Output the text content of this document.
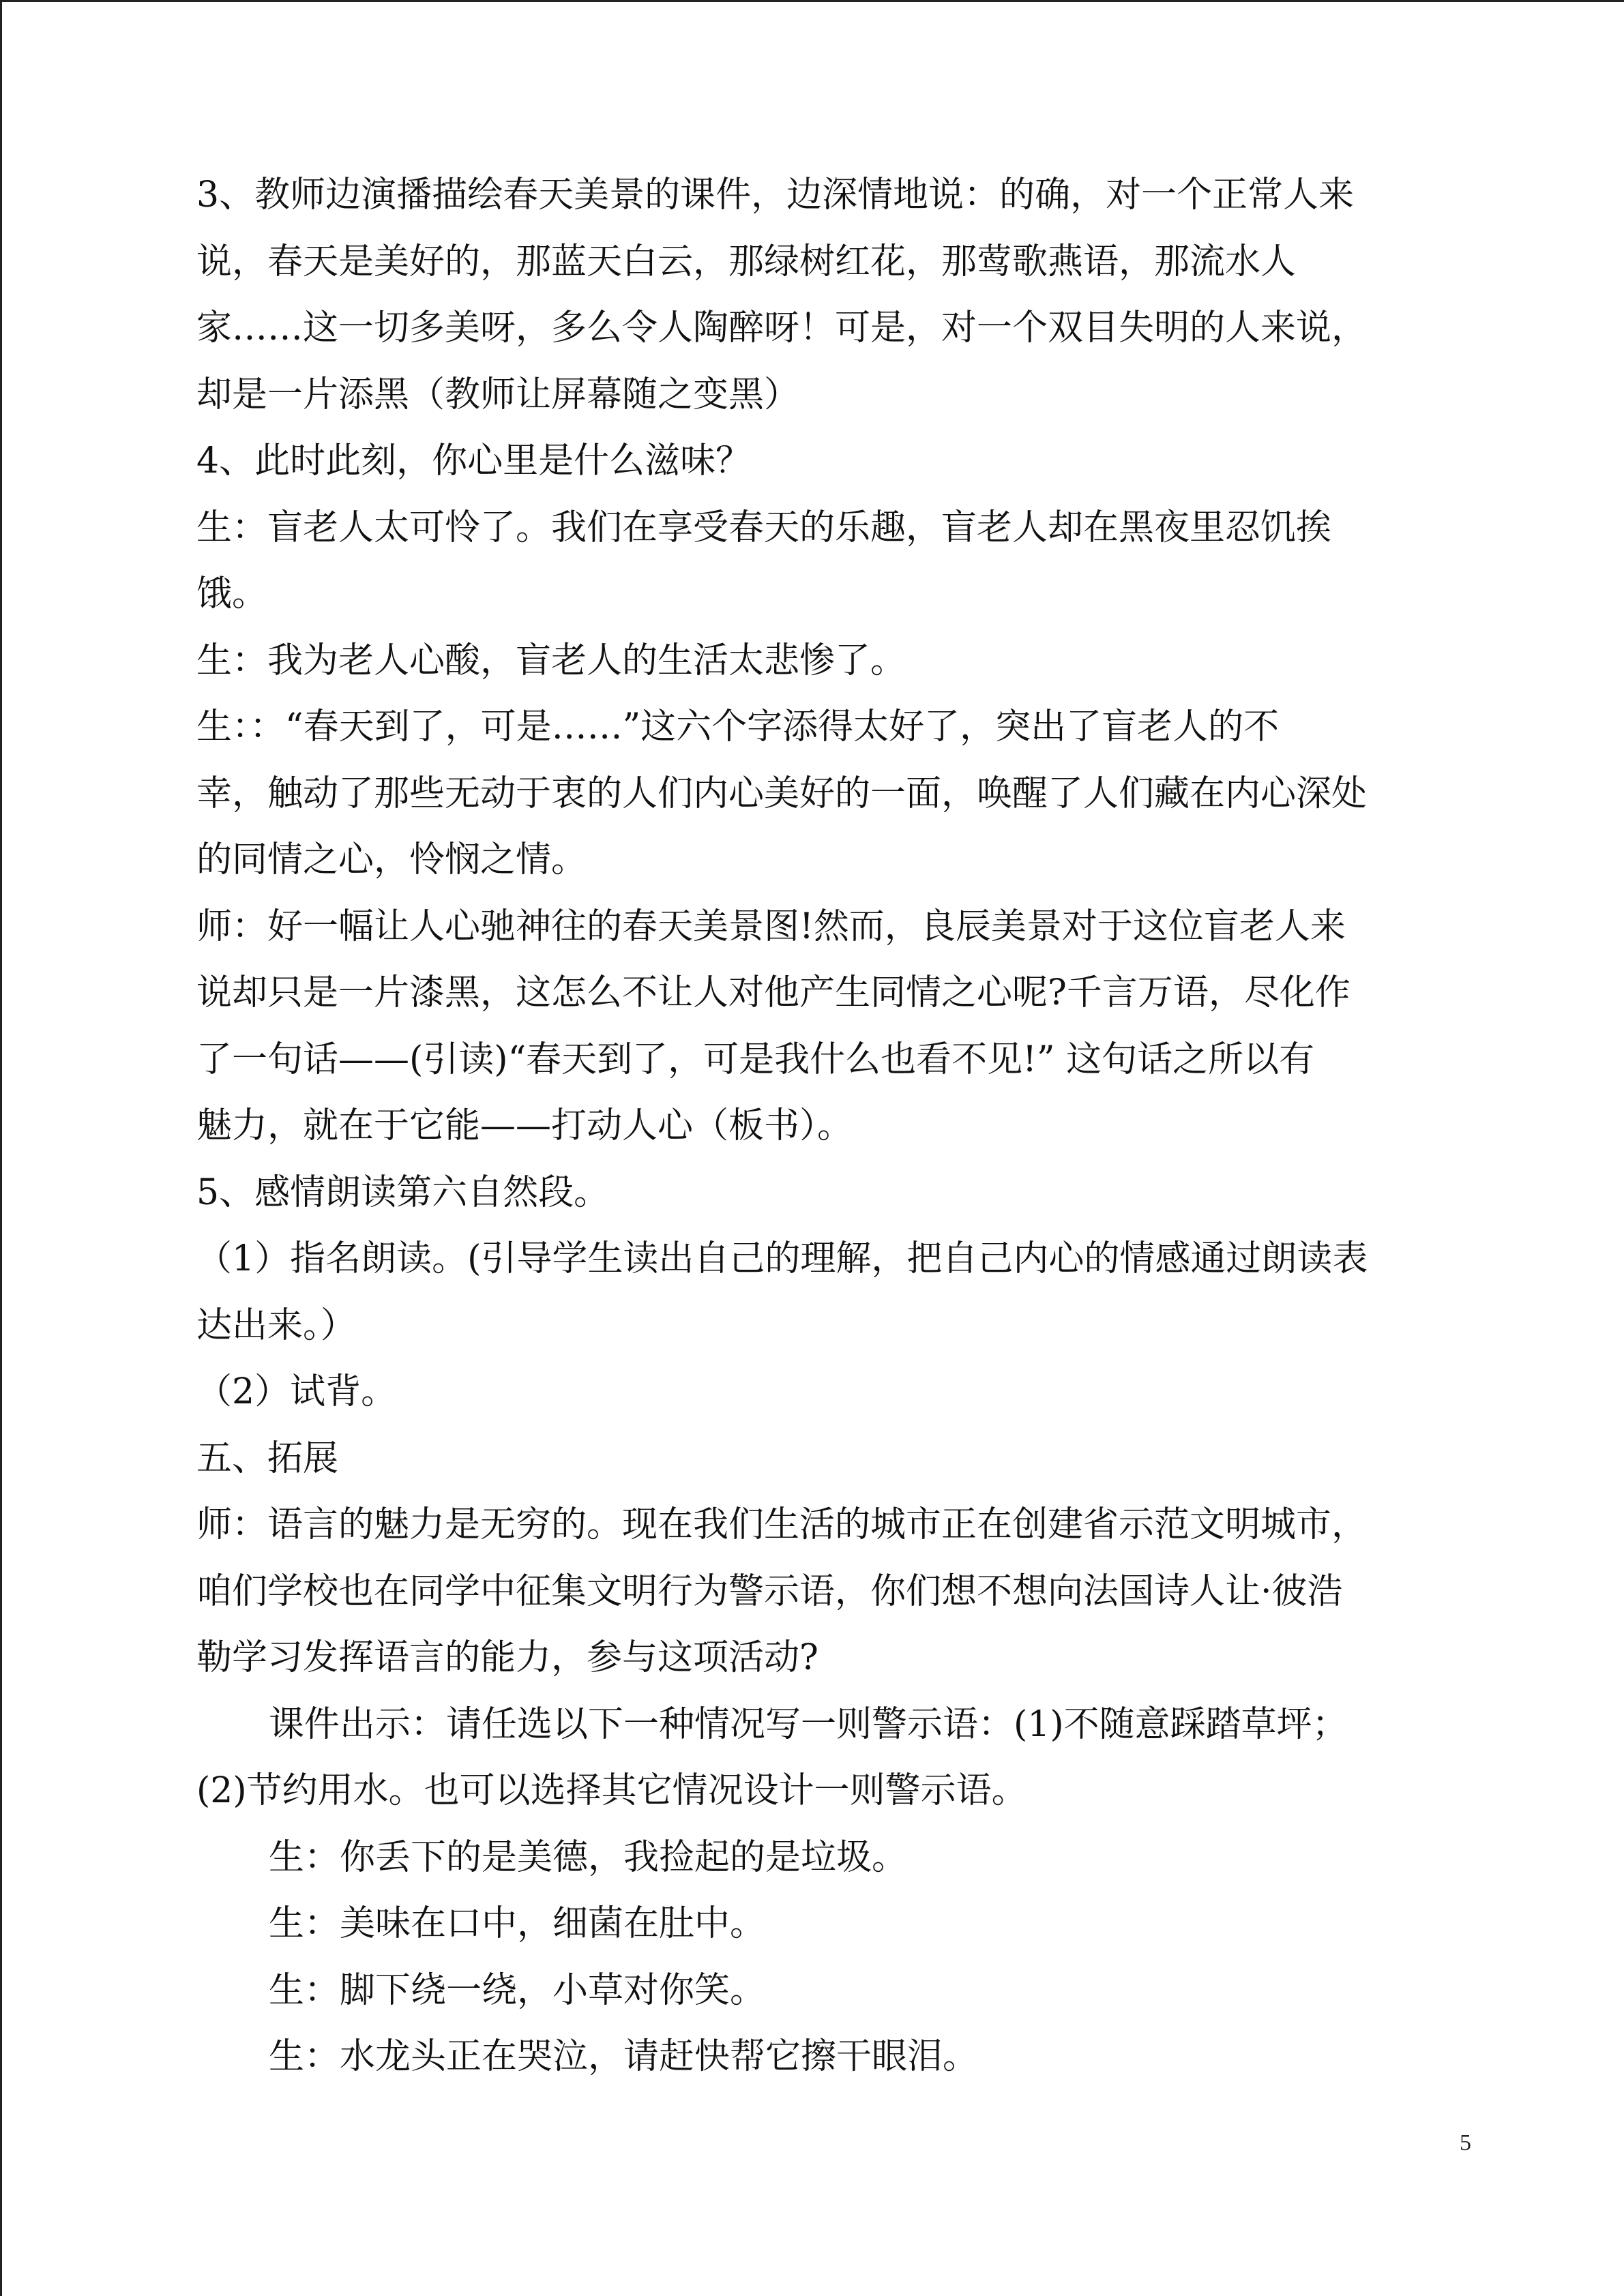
3、教师边演播描绘春天美景的课件，边深情地说：的确，对一个正常人来
说，春天是美好的，那蓝天白云，那绿树红花，那莺歌燕语，那流水人
家……这一切多美呀，多么令人陶醉呀！可是，对一个双目失明的人来说，
却是一片添黑（教师让屏幕随之变黑）
4、此时此刻，你心里是什么滋味？
生：盲老人太可怜了。我们在享受春天的乐趣，盲老人却在黑夜里忍饥挨
饿。
生：我为老人心酸，盲老人的生活太悲惨了。
生：：“春天到了，可是……”这六个字添得太好了，突出了盲老人的不
幸，触动了那些无动于衷的人们内心美好的一面，唤醒了人们藏在内心深处
的同情之心，怜悯之情。
师：好一幅让人心驰神往的春天美景图!然而，良辰美景对于这位盲老人来
说却只是一片漆黑，这怎么不让人对他产生同情之心呢?千言万语，尽化作
了一句话——(引读)“春天到了，可是我什么也看不见!” 这句话之所以有
魅力，就在于它能——打动人心（板书）。
5、感情朗读第六自然段。
（1）指名朗读。(引导学生读出自己的理解，把自己内心的情感通过朗读表
达出来。）
（2）试背。
五、拓展
师：语言的魅力是无穷的。现在我们生活的城市正在创建省示范文明城市，
咱们学校也在同学中征集文明行为警示语，你们想不想向法国诗人让·彼浩
勒学习发挥语言的能力，参与这项活动?
课件出示：请任选以下一种情况写一则警示语：(1)不随意踩踏草坪；
(2)节约用水。也可以选择其它情况设计一则警示语。
生：你丢下的是美德，我捡起的是垃圾。
生：美味在口中，细菌在肚中。
生：脚下绕一绕，小草对你笑。
生：水龙头正在哭泣，请赶快帮它擦干眼泪。
5
